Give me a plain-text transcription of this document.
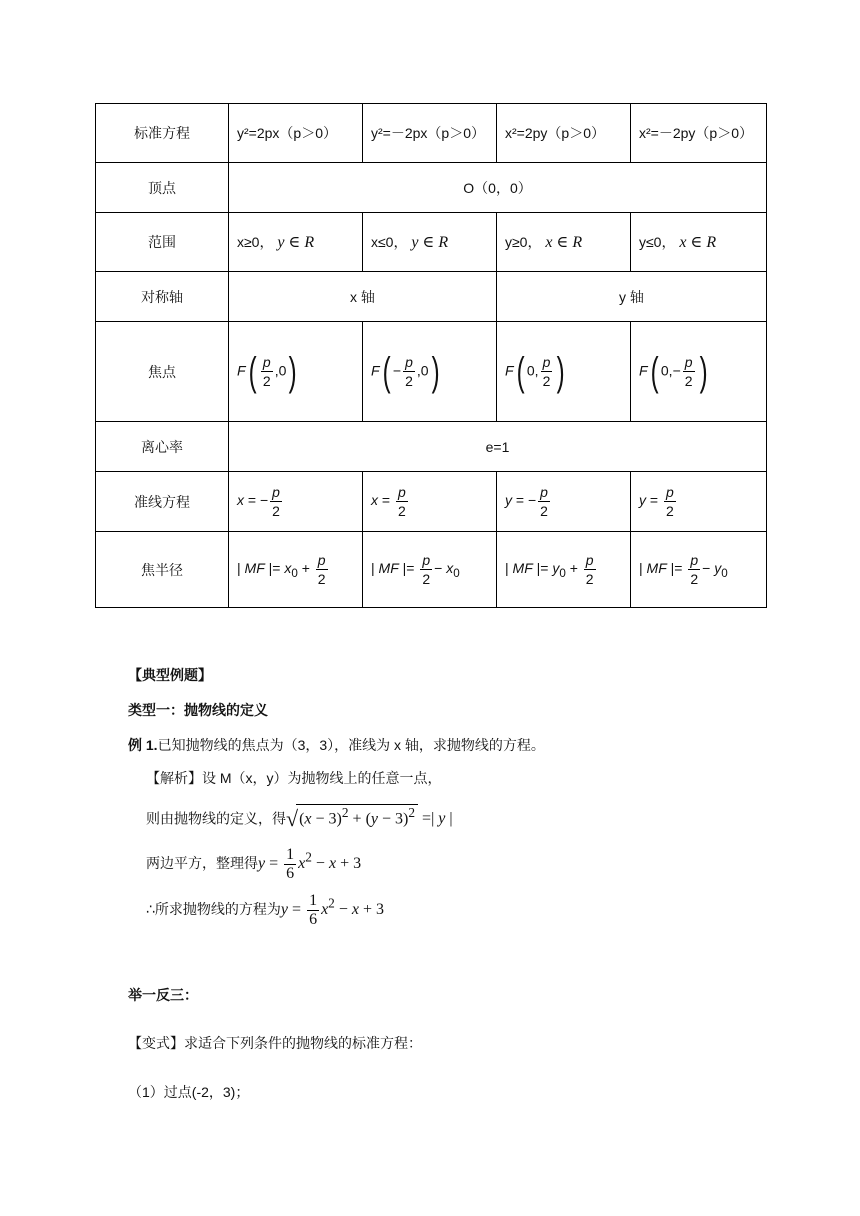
标准方程	y²=2px（p＞0）	y²=－2px（p＞0）	x²=2py（p＞0）	x²=－2py（p＞0）
顶点	O（0，0）			
范围	x≥0， y ∈ R	x≤0， y ∈ R	y≥0， x ∈ R	y≤0， x ∈ R
对称轴	x 轴		y 轴	
焦点	$F( \frac{p}{2} ,0)$	$F( - \frac{p}{2} ,0)$	F( 0, $\frac{p}{2}$ )	F( $0,- \frac{p}{2}$ )
离心率	e=1			
准线方程	x = − $\frac{p}{2}$	$x = \frac{p}{2}$	y = − $\frac{p}{2}$	$y = \frac{p}{2}$

焦半径	| MF |= $x_0 + \frac{p}{2}$	| MF |= $\frac{p}{2} - x_0$	| MF |= $y_0 + \frac{p}{2}$	| MF |= $\frac{p}{2} - y_0$
【典型例题】
类型一：抛物线的定义
例 1.已知抛物线的焦点为（3，3），准线为 x 轴，求抛物线的方程。
【解析】设 M（x，y）为抛物线上的任意一点，
则由抛物线的定义，得$√(x - 3)^2 + (y - 3)^2$ =| y |
两边平方，整理得$y = \frac{1}{6} x^2 - x + 3$
∴所求抛物线的方程为$y = \frac{1}{6} x^2 - x + 3$
举一反三：
【变式】求适合下列条件的抛物线的标准方程：
（1）过点(-2，3)；
